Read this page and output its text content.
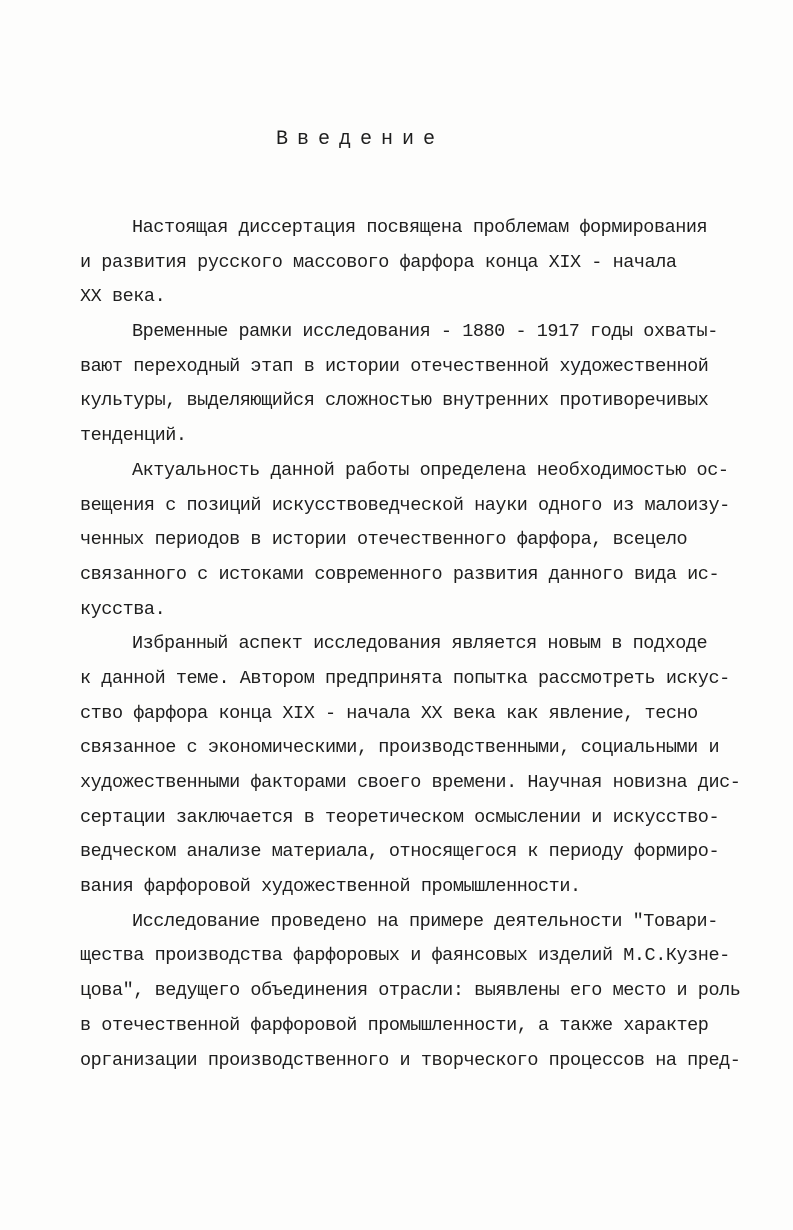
Введение
Настоящая диссертация посвящена проблемам формирования
и развития русского массового фарфора конца XIX - начала
XX века.
Временные рамки исследования - 1880 - 1917 годы охваты-
вают переходный этап в истории отечественной художественной
культуры, выделяющийся сложностью внутренних противоречивых
тенденций.
Актуальность данной работы определена необходимостью ос-
вещения с позиций искусствоведческой науки одного из малоизу-
ченных периодов в истории отечественного фарфора, всецело
связанного с истоками современного развития данного вида ис-
кусства.
Избранный аспект исследования является новым в подходе
к данной теме. Автором предпринята попытка рассмотреть искус-
ство фарфора конца XIX - начала XX века как явление, тесно
связанное с экономическими, производственными, социальными и
художественными факторами своего времени. Научная новизна дис-
сертации заключается в теоретическом осмыслении и искусство-
ведческом анализе материала, относящегося к периоду формиро-
вания фарфоровой художественной промышленности.
Исследование проведено на примере деятельности "Товари-
щества производства фарфоровых и фаянсовых изделий М.С.Кузне-
цова", ведущего объединения отрасли: выявлены его место и роль
в отечественной фарфоровой промышленности, а также характер
организации производственного и творческого процессов на пред-
